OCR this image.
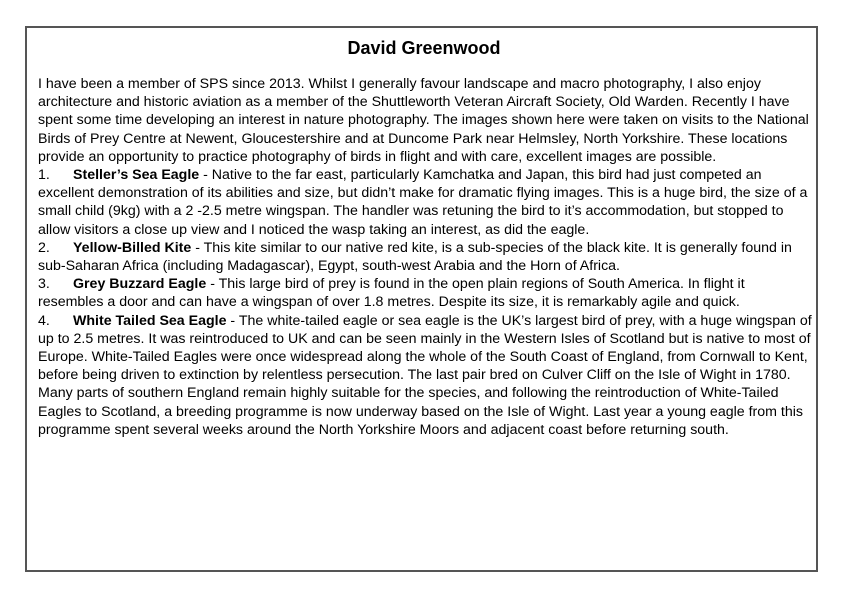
David Greenwood

I have been a member of SPS since 2013. Whilst I generally favour landscape and macro photography, I also enjoy architecture and historic aviation as a member of the Shuttleworth Veteran Aircraft Society, Old Warden. Recently I have spent some time developing an interest in nature photography. The images shown here were taken on visits to the National Birds of Prey Centre at Newent, Gloucestershire and at Duncome Park near Helmsley, North Yorkshire. These locations provide an opportunity to practice photography of birds in flight and with care, excellent images are possible.

1. Steller’s Sea Eagle - Native to the far east, particularly Kamchatka and Japan, this bird had just competed an excellent demonstration of its abilities and size, but didn’t make for dramatic flying images. This is a huge bird, the size of a small child (9kg) with a 2 -2.5 metre wingspan. The handler was retuning the bird to it’s accommodation, but stopped to allow visitors a close up view and I noticed the wasp taking an interest, as did the eagle.

2. Yellow-Billed Kite - This kite similar to our native red kite, is a sub-species of the black kite. It is generally found in sub-Saharan Africa (including Madagascar), Egypt, south-west Arabia and the Horn of Africa.

3. Grey Buzzard Eagle - This large bird of prey is found in the open plain regions of South America. In flight it resembles a door and can have a wingspan of over 1.8 metres. Despite its size, it is remarkably agile and quick.

4. White Tailed Sea Eagle - The white-tailed eagle or sea eagle is the UK’s largest bird of prey, with a huge wingspan of up to 2.5 metres. It was reintroduced to UK and can be seen mainly in the Western Isles of Scotland but is native to most of Europe. White-Tailed Eagles were once widespread along the whole of the South Coast of England, from Cornwall to Kent, before being driven to extinction by relentless persecution. The last pair bred on Culver Cliff on the Isle of Wight in 1780. Many parts of southern England remain highly suitable for the species, and following the reintroduction of White-Tailed Eagles to Scotland, a breeding programme is now underway based on the Isle of Wight. Last year a young eagle from this programme spent several weeks around the North Yorkshire Moors and adjacent coast before returning south.
